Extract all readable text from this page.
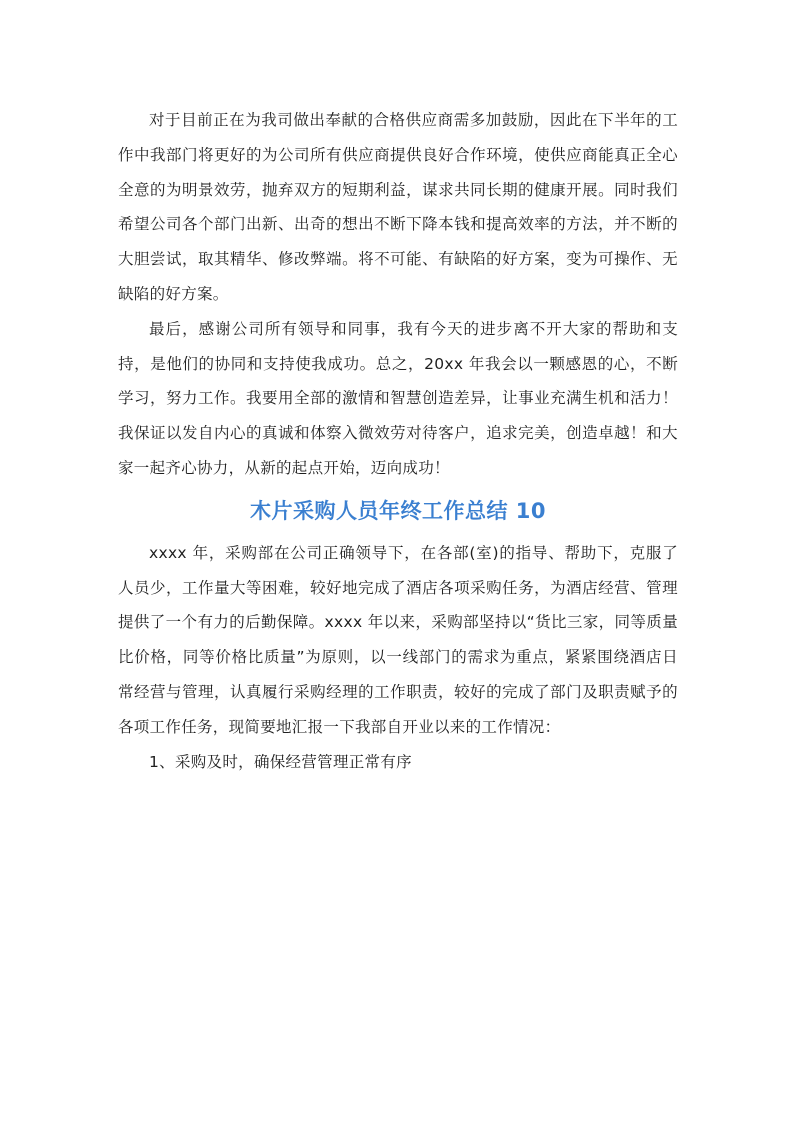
对于目前正在为我司做出奉献的合格供应商需多加鼓励，因此在下半年的工作中我部门将更好的为公司所有供应商提供良好合作环境，使供应商能真正全心全意的为明景效劳，抛弃双方的短期利益，谋求共同长期的健康开展。同时我们希望公司各个部门出新、出奇的想出不断下降本钱和提高效率的方法，并不断的大胆尝试，取其精华、修改弊端。将不可能、有缺陷的好方案，变为可操作、无缺陷的好方案。

最后，感谢公司所有领导和同事，我有今天的进步离不开大家的帮助和支持，是他们的协同和支持使我成功。总之，20xx 年我会以一颗感恩的心，不断学习，努力工作。我要用全部的激情和智慧创造差异，让事业充满生机和活力！我保证以发自内心的真诚和体察入微效劳对待客户，追求完美，创造卓越！和大家一起齐心协力，从新的起点开始，迈向成功！

木片采购人员年终工作总结 10

xxxx 年，采购部在公司正确领导下，在各部(室)的指导、帮助下，克服了人员少，工作量大等困难，较好地完成了酒店各项采购任务，为酒店经营、管理提供了一个有力的后勤保障。xxxx 年以来，采购部坚持以“货比三家，同等质量比价格，同等价格比质量”为原则，以一线部门的需求为重点，紧紧围绕酒店日常经营与管理，认真履行采购经理的工作职责，较好的完成了部门及职责赋予的各项工作任务，现简要地汇报一下我部自开业以来的工作情况：

1、采购及时，确保经营管理正常有序
